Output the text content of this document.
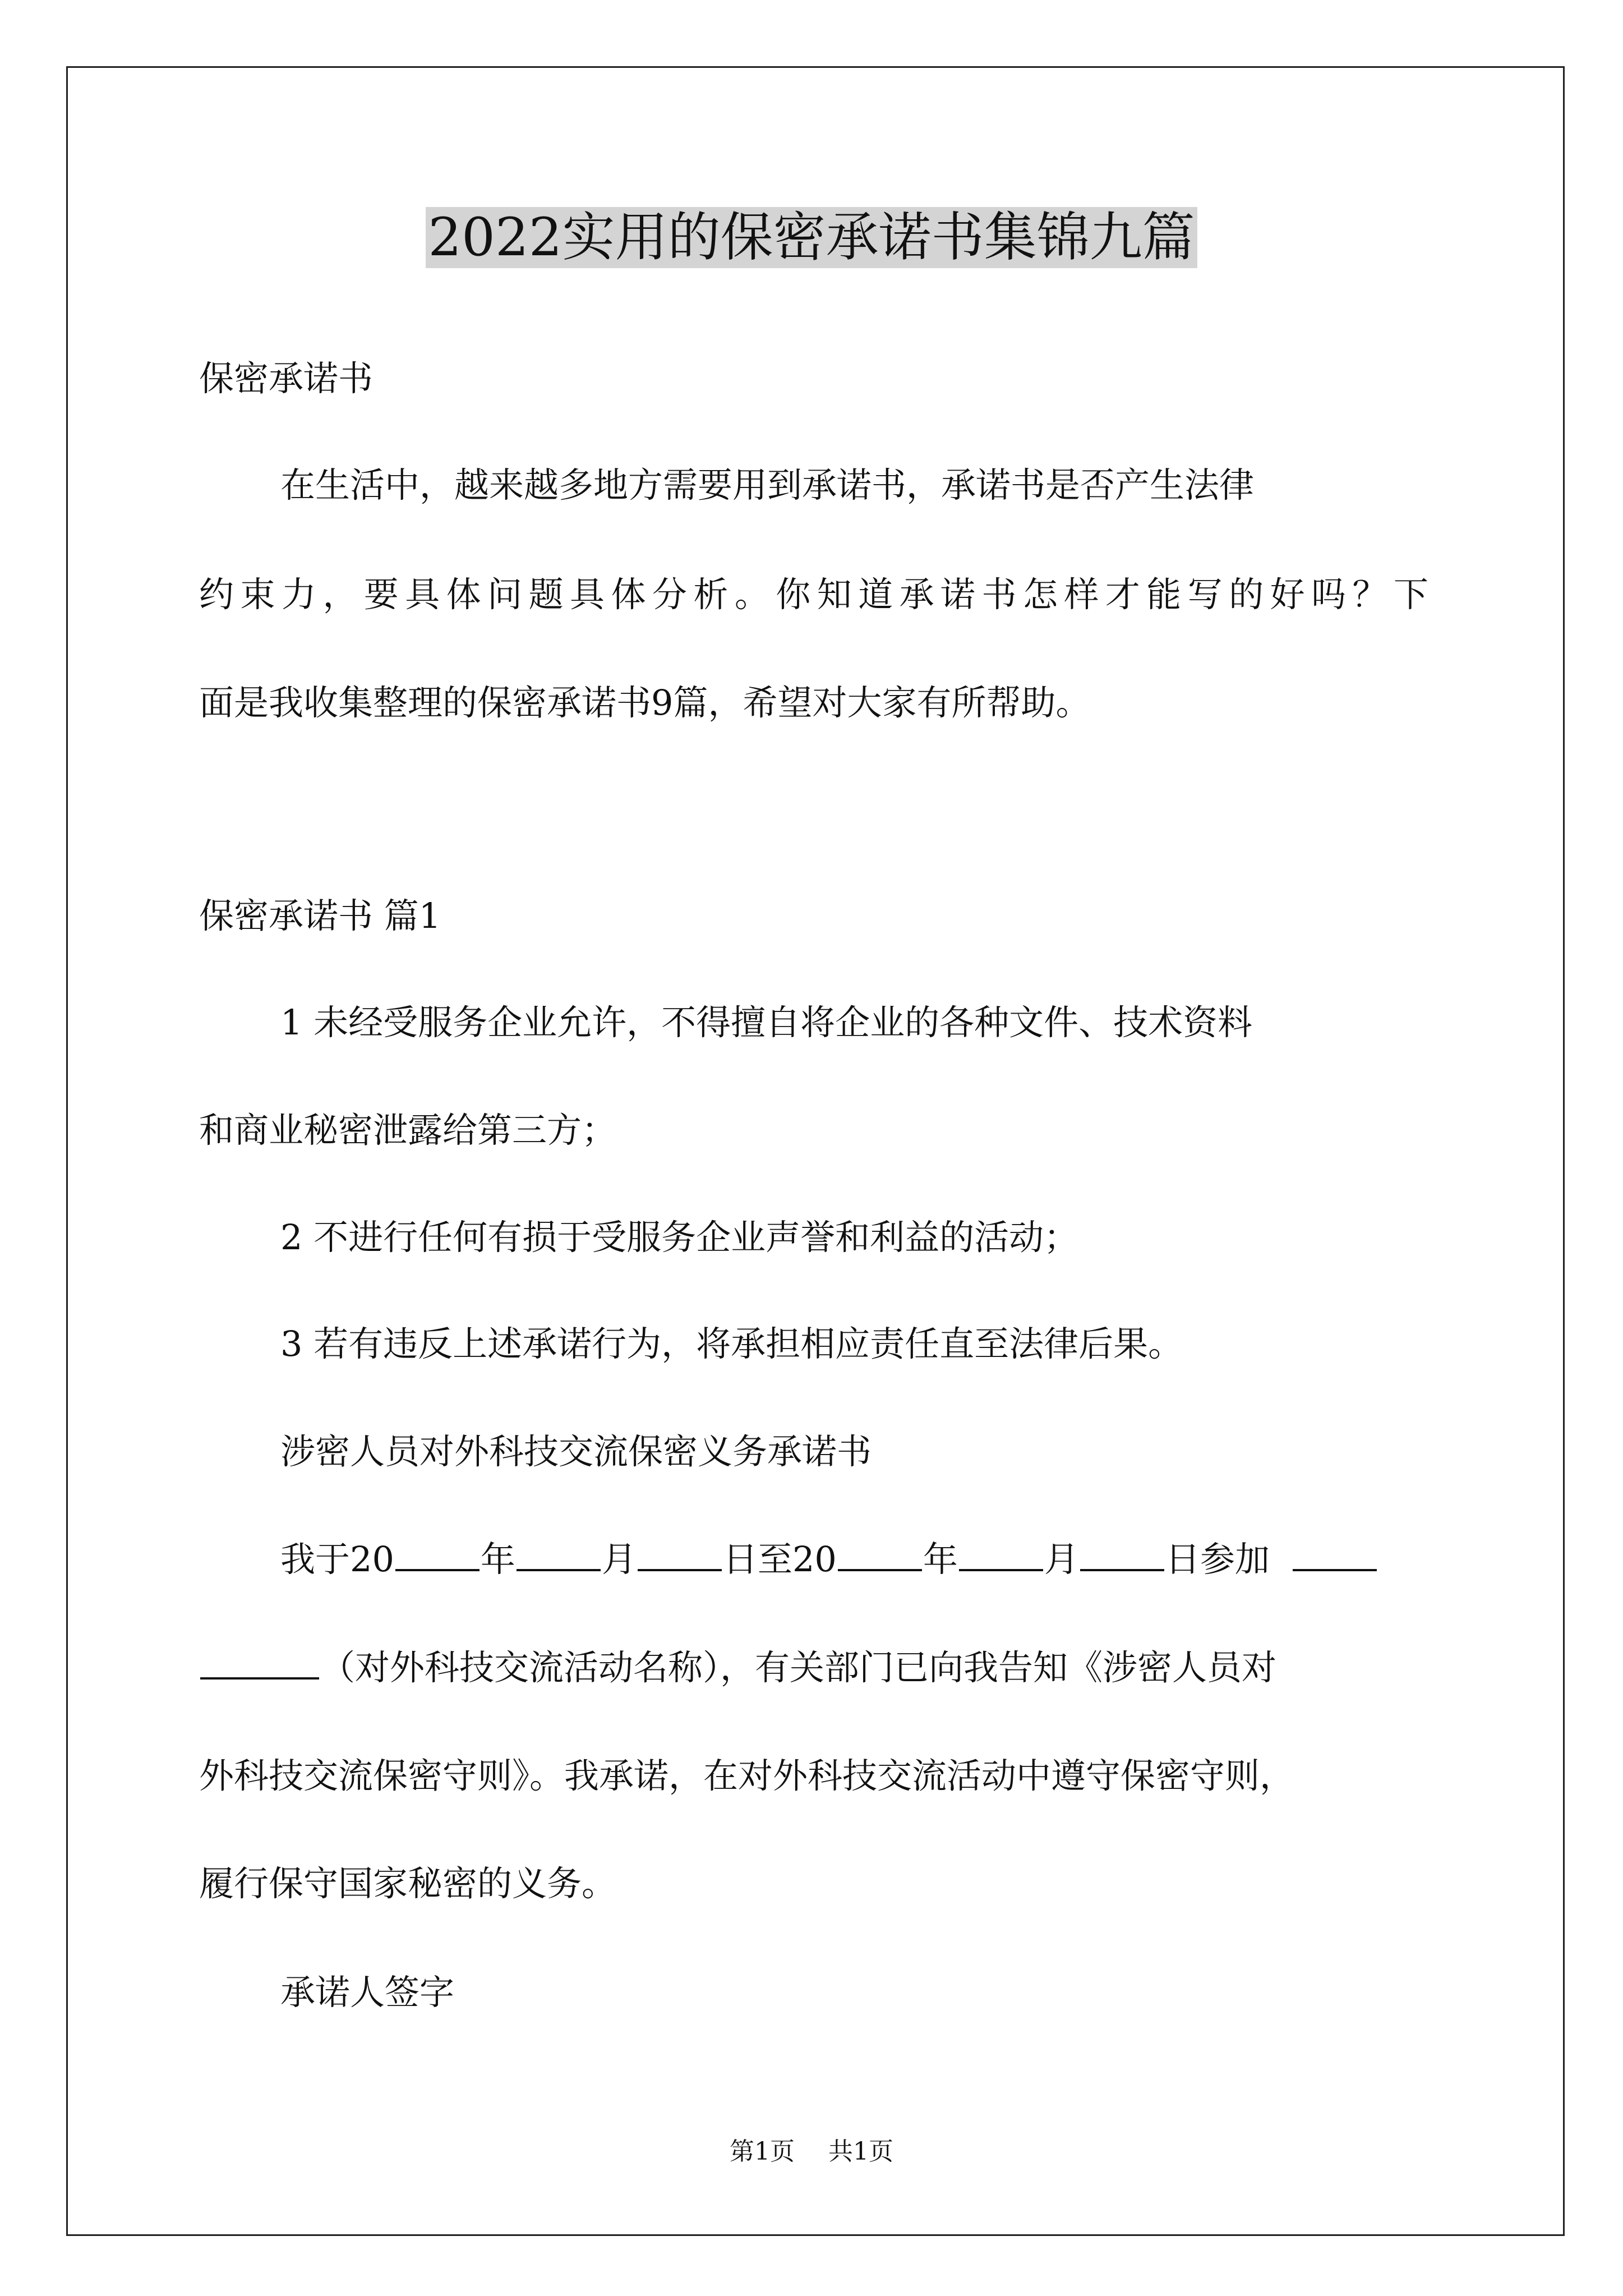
2022实用的保密承诺书集锦九篇
保密承诺书
在生活中，越来越多地方需要用到承诺书，承诺书是否产生法律
约束力，要具体问题具体分析。你知道承诺书怎样才能写的好吗？下
面是我收集整理的保密承诺书9篇，希望对大家有所帮助。
保密承诺书 篇1
1 未经受服务企业允许，不得擅自将企业的各种文件、技术资料
和商业秘密泄露给第三方；
2 不进行任何有损于受服务企业声誉和利益的活动；
3 若有违反上述承诺行为，将承担相应责任直至法律后果。
涉密人员对外科技交流保密义务承诺书
我于20 年 月 日至20 年 月 日参加
（对外科技交流活动名称），有关部门已向我告知《涉密人员对
外科技交流保密守则》。我承诺，在对外科技交流活动中遵守保密守则，
履行保守国家秘密的义务。
承诺人签字
第1页 共1页
